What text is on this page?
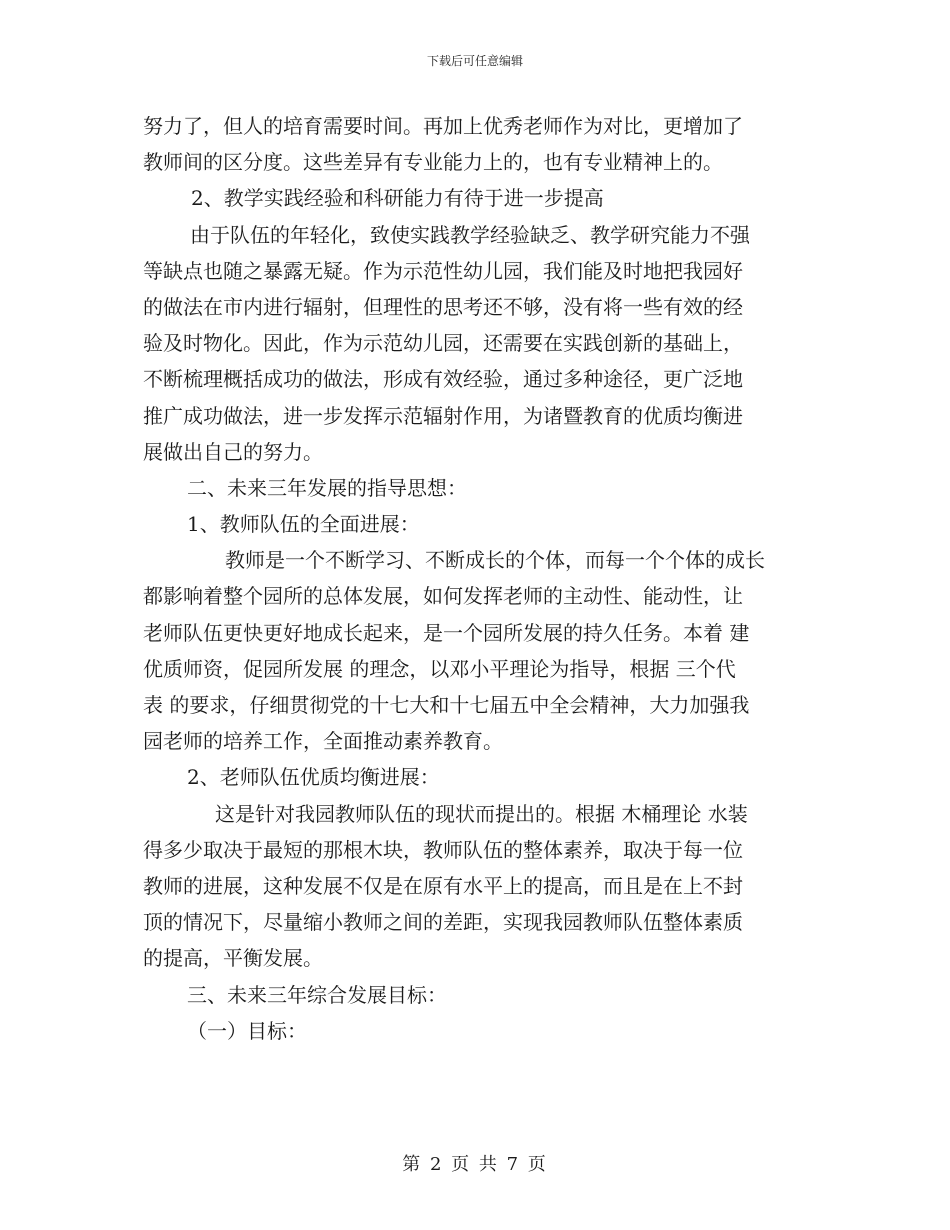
下载后可任意编辑
努力了，但人的培育需要时间。再加上优秀老师作为对比，更增加了
教师间的区分度。这些差异有专业能力上的，也有专业精神上的。
2、教学实践经验和科研能力有待于进一步提高
由于队伍的年轻化，致使实践教学经验缺乏、教学研究能力不强
等缺点也随之暴露无疑。作为示范性幼儿园，我们能及时地把我园好
的做法在市内进行辐射，但理性的思考还不够，没有将一些有效的经
验及时物化。因此，作为示范幼儿园，还需要在实践创新的基础上，
不断梳理概括成功的做法，形成有效经验，通过多种途径，更广泛地
推广成功做法，进一步发挥示范辐射作用，为诸暨教育的优质均衡进
展做出自己的努力。
二、未来三年发展的指导思想：
1、教师队伍的全面进展：
教师是一个不断学习、不断成长的个体，而每一个个体的成长
都影响着整个园所的总体发展，如何发挥老师的主动性、能动性，让
老师队伍更快更好地成长起来，是一个园所发展的持久任务。本着 建
优质师资，促园所发展 的理念，以邓小平理论为指导，根据 三个代
表 的要求，仔细贯彻党的十七大和十七届五中全会精神，大力加强我
园老师的培养工作，全面推动素养教育。
2、老师队伍优质均衡进展：
这是针对我园教师队伍的现状而提出的。根据 木桶理论 水装
得多少取决于最短的那根木块，教师队伍的整体素养，取决于每一位
教师的进展，这种发展不仅是在原有水平上的提高，而且是在上不封
顶的情况下，尽量缩小教师之间的差距，实现我园教师队伍整体素质
的提高，平衡发展。
三、未来三年综合发展目标：
（一）目标：
第 2 页 共 7 页
